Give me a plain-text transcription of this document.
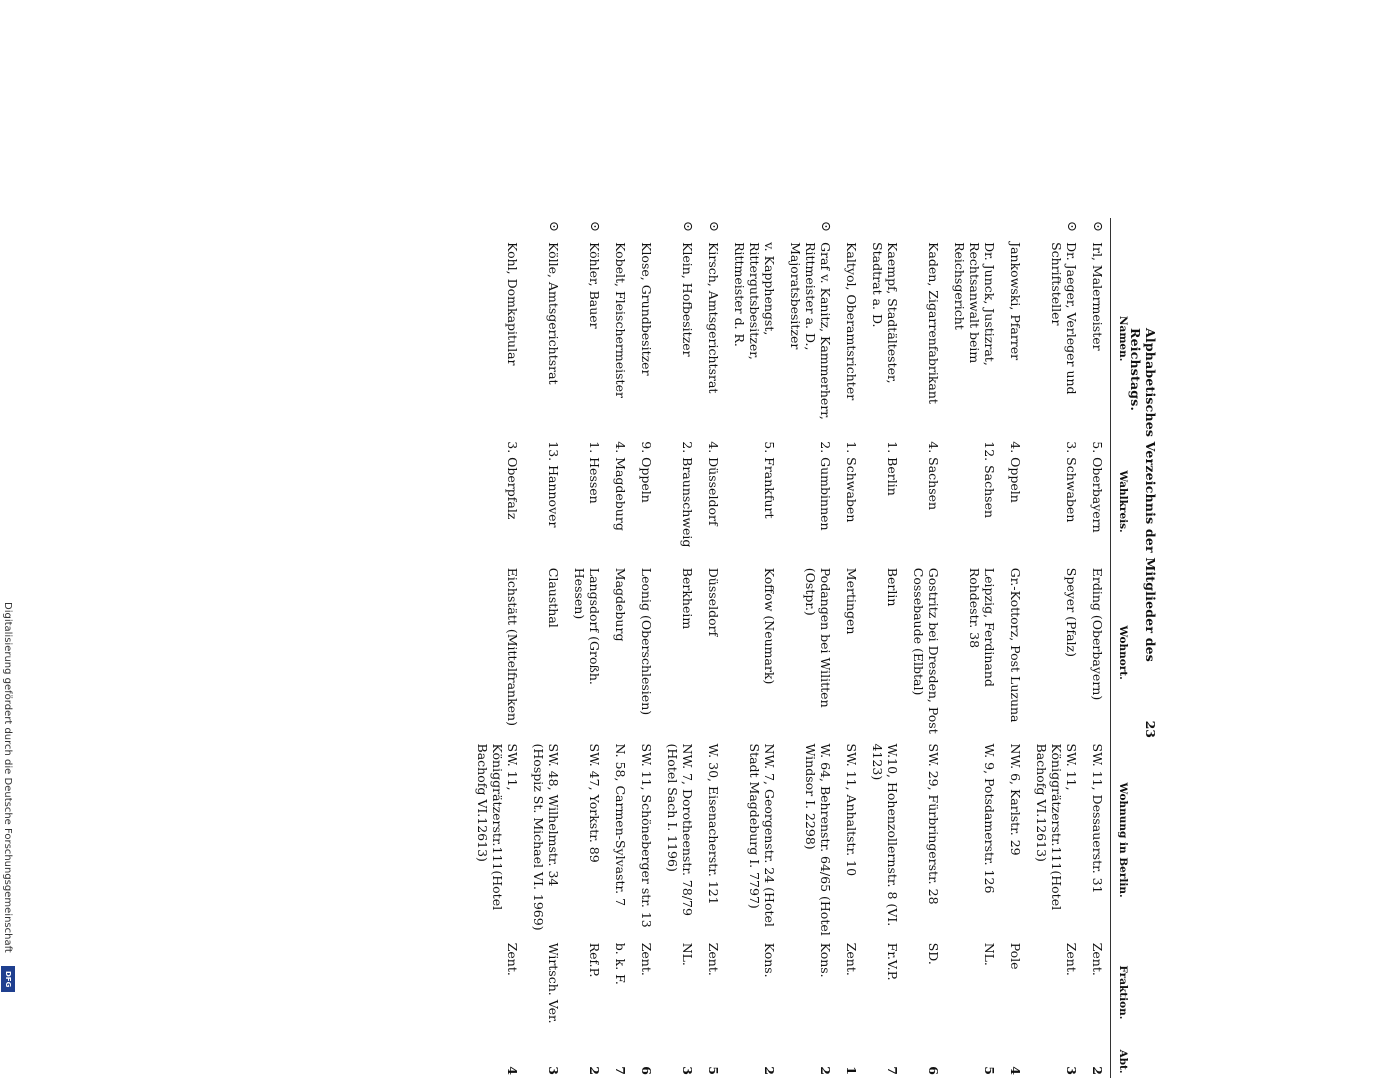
Alphabetisches Verzeichnis der Mitglieder des Reichstags.
23
	Namen.	Wahlkreis.	Wohnort.	Wohnung in Berlin.	Fraktion.	Abt.
⊙	Irl, Malermeister	5. Oberbayern	Erding (Oberbayern)	SW. 11, Dessauerstr. 31	Zent.	2
⊙	Dr. Jaeger, Verleger und Schriftsteller	3. Schwaben	Speyer (Pfalz)	SW. 11, Königgrätzerstr.111(Hotel Bachofg VI.12613)	Zent.	3
	Jankowski, Pfarrer	4. Oppeln	Gr.-Kottorz, Post Luzuna	NW. 6, Karlstr. 29	Pole	4
	Dr. Junck, Justizrat, Rechtsanwalt beim Reichsgericht	12. Sachsen	Leipzig, Ferdinand Rohdestr. 38	W. 9, Potsdamerstr. 126	NL.	5
	Kaden, Zigarrenfabrikant	4. Sachsen	Gostritz bei Dresden, Post Cossebaude (Elbtal)	SW. 29, Fürbringerstr. 28	SD.	6
	Kaempf, Stadtältester, Stadtrat a. D.	1. Berlin	Berlin	W.10, Hohenzollernstr. 8 (VI. 4123)	Fr.V.P.	7
	Kaltyol, Oberamtsrichter	1. Schwaben	Mertingen	SW. 11, Anhaltstr. 10	Zent.	1
⊙	Graf v. Kanitz, Kammerherr, Rittmeister a. D., Majoratsbesitzer	2. Gumbinnen	Podangen bei Wilitten (Ostpr.)	W. 64, Behrenstr. 64/65 (Hotel Windsor I. 2298)	Kons.	2
	v. Kapphengst, Rittergutsbesitzer, Rittmeister d. R.	5. Frankfurt	Koffow (Neumark)	NW. 7, Georgenstr. 24 (Hotel Stadt Magdeburg I. 7797)	Kons.	2
⊙	Kirsch, Amtsgerichtsrat	4. Düsseldorf	Düsseldorf	W. 30, Eisenacherstr. 121	Zent.	5
⊙	Klein, Hofbesitzer	2. Braunschweig	Berkheim	NW. 7, Dorotheenstr. 78/79 (Hotel Sach I. 1196)	NL.	3
	Klose, Grundbesitzer	9. Oppeln	Leonig (Oberschlesien)	SW. 11, Schöneberger str. 13	Zent.	6
	Kobelt, Fleischermeister	4. Magdeburg	Magdeburg	N. 58, Carmen-Sylvastr. 7	b. k. F.	7
⊙	Köhler, Bauer	1. Hessen	Langsdorf (Großh. Hessen)	SW. 47, Yorkstr. 89	Ref.P.	2
⊙	Kölle, Amtsgerichtsrat	13. Hannover	Clausthal	SW. 48, Wilhelmstr. 34 (Hospiz St. Michael VI. 1969)	Wirtsch. Ver.	3
	Kohl, Domkapitular	3. Oberpfalz	Eichstätt (Mittelfranken)	SW. 11, Königgrätzerstr.111(Hotel Bachofg VI.12613)	Zent.	4
Digitalisierung gefördert durch die Deutsche Forschungsgemeinschaft
DFG
